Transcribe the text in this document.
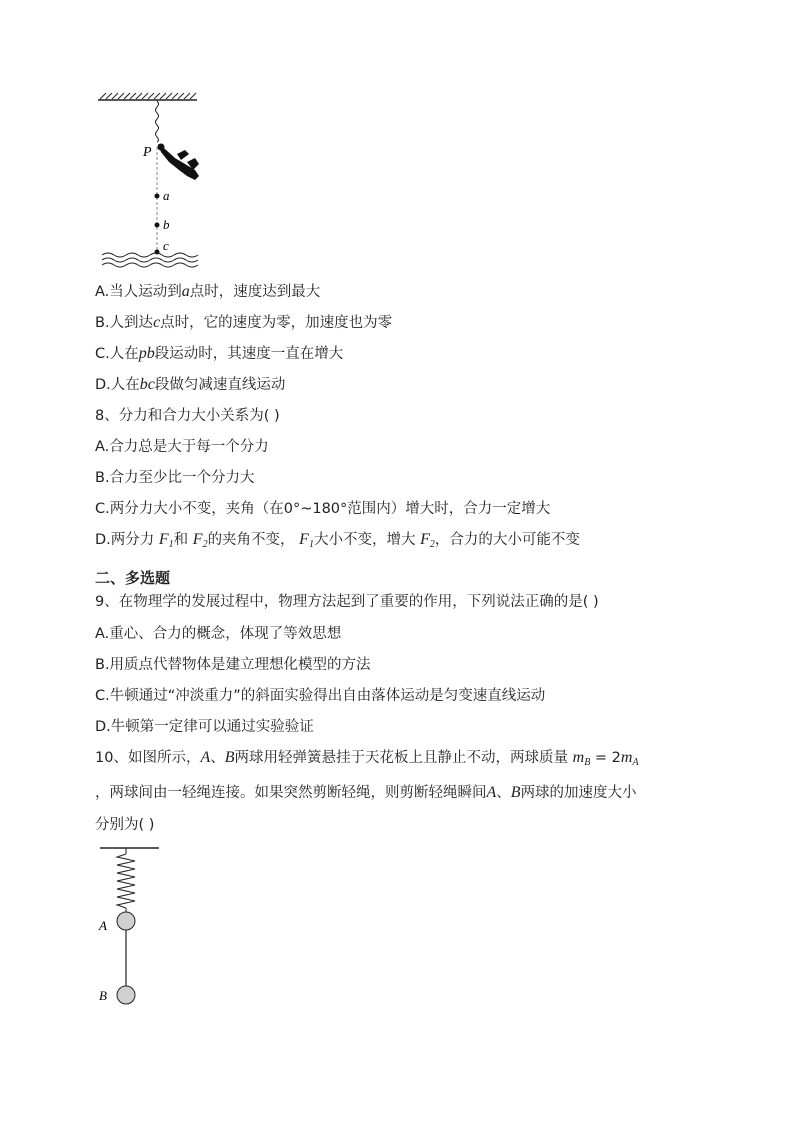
P
a
b
c
A.当人运动到a点时，速度达到最大
B.人到达c点时，它的速度为零，加速度也为零
C.人在pb段运动时，其速度一直在增大
D.人在bc段做匀减速直线运动
8、分力和合力大小关系为( )
A.合力总是大于每一个分力
B.合力至少比一个分力大
C.两分力大小不变，夹角（在0°~180°范围内）增大时，合力一定增大
D.两分力 $F_1$和 $F_2$的夹角不变， $F_1$大小不变，增大 $F_2$，合力的大小可能不变
二、多选题
9、在物理学的发展过程中，物理方法起到了重要的作用，下列说法正确的是( )
A.重心、合力的概念，体现了等效思想
B.用质点代替物体是建立理想化模型的方法
C.牛顿通过“冲淡重力”的斜面实验得出自由落体运动是匀变速直线运动
D.牛顿第一定律可以通过实验验证
10、如图所示，A、B两球用轻弹簧悬挂于天花板上且静止不动，两球质量 $m_B = 2m_A$
，两球间由一轻绳连接。如果突然剪断轻绳，则剪断轻绳瞬间A、B两球的加速度大小
分别为( )
A
B
